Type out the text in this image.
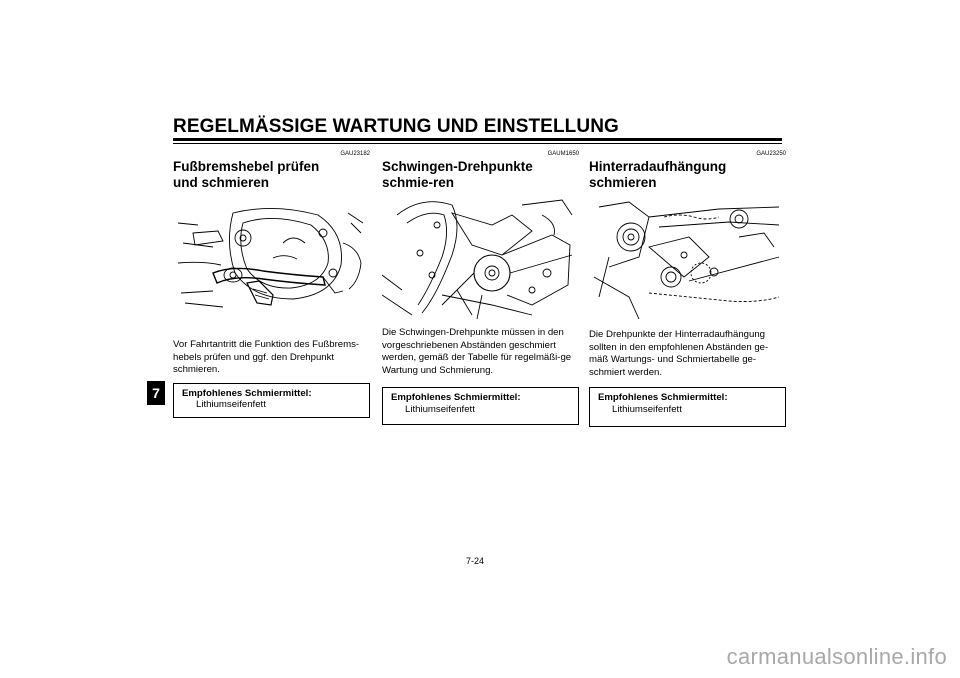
REGELMÄSSIGE WARTUNG UND EINSTELLUNG
7
GAU23182
Fußbremshebel prüfen und schmieren
Vor Fahrtantritt die Funktion des Fußbrems-hebels prüfen und ggf. den Drehpunkt schmieren.
Empfohlenes Schmiermittel:
Lithiumseifenfett
GAUM1650
Schwingen-Drehpunkte schmie-ren
Die Schwingen-Drehpunkte müssen in den vorgeschriebenen Abständen geschmiert werden, gemäß der Tabelle für regelmäßi-ge Wartung und Schmierung.
Empfohlenes Schmiermittel:
Lithiumseifenfett
GAU23250
Hinterradaufhängung schmieren
Die Drehpunkte der Hinterradaufhängung sollten in den empfohlenen Abständen ge-mäß Wartungs- und Schmiertabelle ge-schmiert werden.
Empfohlenes Schmiermittel:
Lithiumseifenfett
7-24
carmanualsonline.info
